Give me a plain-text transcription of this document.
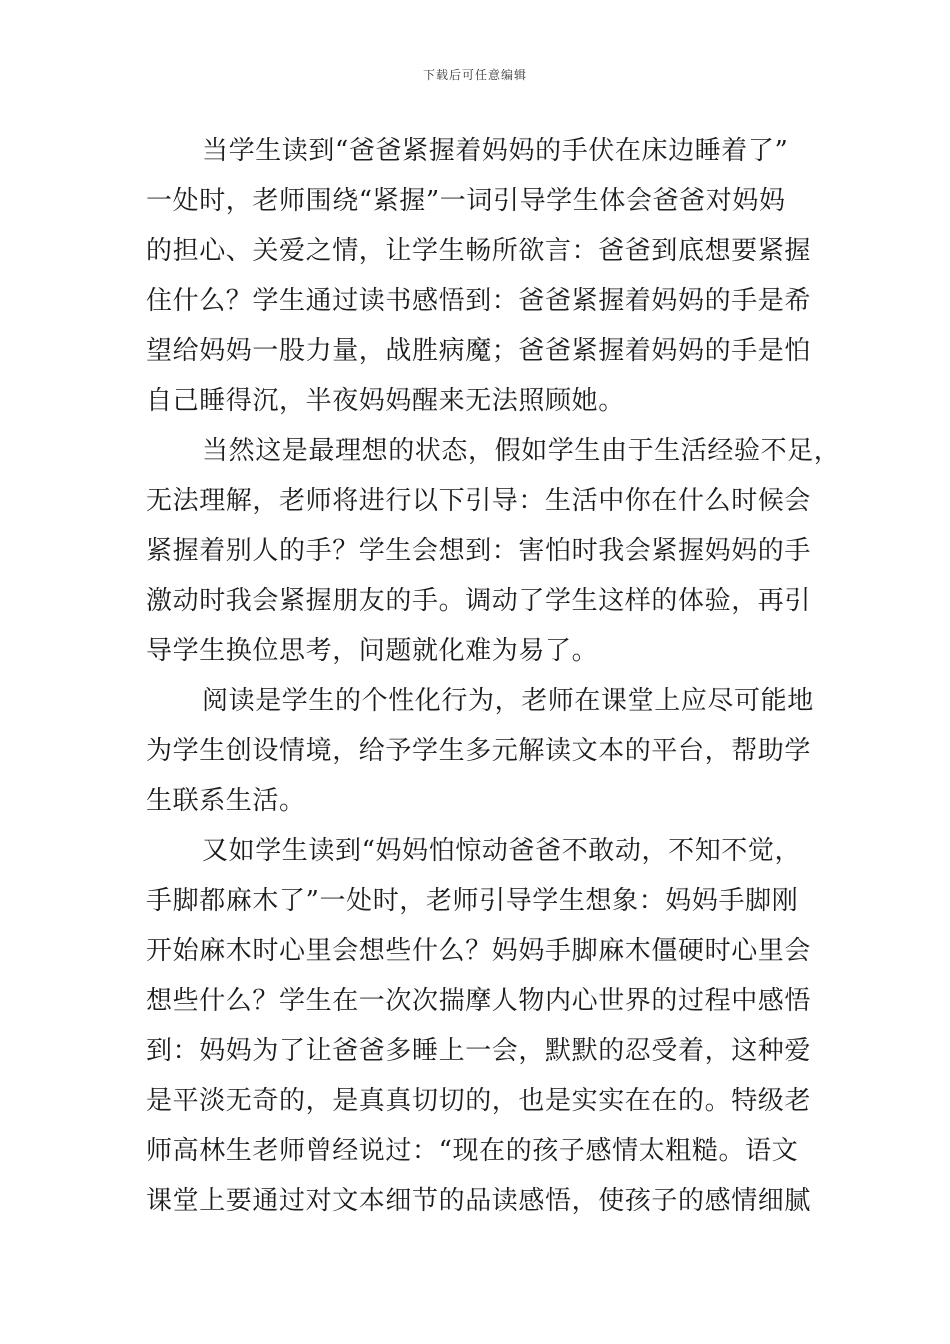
下载后可任意编辑
当学生读到“爸爸紧握着妈妈的手伏在床边睡着了”
一处时，老师围绕“紧握”一词引导学生体会爸爸对妈妈
的担心、关爱之情，让学生畅所欲言：爸爸到底想要紧握
住什么？学生通过读书感悟到：爸爸紧握着妈妈的手是希
望给妈妈一股力量，战胜病魔；爸爸紧握着妈妈的手是怕
自己睡得沉，半夜妈妈醒来无法照顾她。
当然这是最理想的状态，假如学生由于生活经验不足，
无法理解，老师将进行以下引导：生活中你在什么时候会
紧握着别人的手？学生会想到：害怕时我会紧握妈妈的手
激动时我会紧握朋友的手。调动了学生这样的体验，再引
导学生换位思考，问题就化难为易了。
阅读是学生的个性化行为，老师在课堂上应尽可能地
为学生创设情境，给予学生多元解读文本的平台，帮助学
生联系生活。
又如学生读到“妈妈怕惊动爸爸不敢动，不知不觉，
手脚都麻木了”一处时，老师引导学生想象：妈妈手脚刚
开始麻木时心里会想些什么？妈妈手脚麻木僵硬时心里会
想些什么？学生在一次次揣摩人物内心世界的过程中感悟
到：妈妈为了让爸爸多睡上一会，默默的忍受着，这种爱
是平淡无奇的，是真真切切的，也是实实在在的。特级老
师高林生老师曾经说过：“现在的孩子感情太粗糙。语文
课堂上要通过对文本细节的品读感悟，使孩子的感情细腻
